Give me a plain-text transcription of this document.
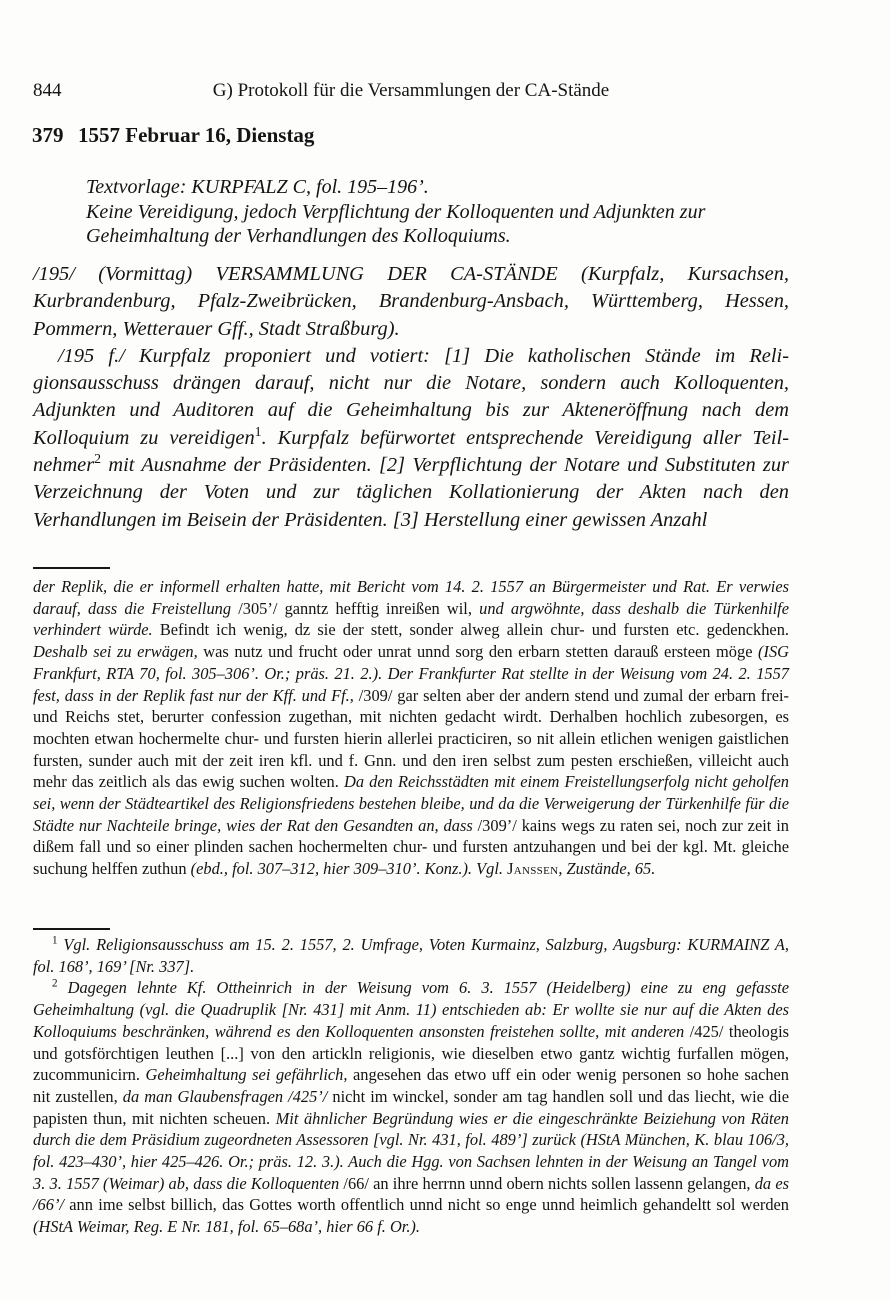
844	G) Protokoll für die Versammlungen der CA-Stände
379 1557 Februar 16, Dienstag

Textvorlage: KURPFALZ C, fol. 195–196’.

Keine Vereidigung, jedoch Verpflichtung der Kolloquenten und Adjunkten zur Geheimhaltung der Verhandlungen des Kolloquiums.

/195/ (Vormittag) VERSAMMLUNG DER CA-STÄNDE (Kurpfalz, Kursachsen, Kurbrandenburg, Pfalz-Zweibrücken, Brandenburg-Ansbach, Württemberg, Hessen, Pommern, Wetterauer Gff., Stadt Straßburg).

/195 f./ Kurpfalz proponiert und votiert: [1] Die katholischen Stände im Religionsausschuss drängen darauf, nicht nur die Notare, sondern auch Kolloquenten, Adjunkten und Auditoren auf die Geheimhaltung bis zur Akteneröffnung nach dem Kolloquium zu vereidigen$^1$. Kurpfalz befürwortet entsprechende Vereidigung aller Teilnehmer$^2$ mit Ausnahme der Präsidenten. [2] Verpflichtung der Notare und Substituten zur Verzeichnung der Voten und zur täglichen Kollationierung der Akten nach den Verhandlungen im Beisein der Präsidenten. [3] Herstellung einer gewissen Anzahl

der Replik, die er informell erhalten hatte, mit Bericht vom 14. 2. 1557 an Bürgermeister und Rat. Er verwies darauf, dass die Freistellung /305’/ ganntz hefftig inreißen wil, und argwöhnte, dass deshalb die Türkenhilfe verhindert würde. Befindt ich wenig, dz sie der stett, sonder alweg allein chur- und fursten etc. gedenckhen. Deshalb sei zu erwägen, was nutz und frucht oder unrat unnd sorg den erbarn stetten darauß ersteen möge (ISG Frankfurt, RTA 70, fol. 305–306’. Or.; präs. 21. 2.). Der Frankfurter Rat stellte in der Weisung vom 24. 2. 1557 fest, dass in der Replik fast nur der Kff. und Ff., /309/ gar selten aber der andern stend und zumal der erbarn frei- und Reichs stet, berurter confession zugethan, mit nichten gedacht wirdt. Derhalben hochlich zubesorgen, es mochten etwan hochermelte chur- und fursten hierin allerlei practiciren, so nit allein etlichen wenigen gaistlichen fursten, sunder auch mit der zeit iren kfl. und f. Gnn. und den iren selbst zum pesten erschießen, villeicht auch mehr das zeitlich als das ewig suchen wolten. Da den Reichsstädten mit einem Freistellungserfolg nicht geholfen sei, wenn der Städteartikel des Religionsfriedens bestehen bleibe, und da die Verweigerung der Türkenhilfe für die Städte nur Nachteile bringe, wies der Rat den Gesandten an, dass /309’/ kains wegs zu raten sei, noch zur zeit in dißem fall und so einer plinden sachen hochermelten chur- und fursten antzuhangen und bei der kgl. Mt. gleiche suchung helffen zuthun (ebd., fol. 307–312, hier 309–310’. Konz.). Vgl. Janssen, Zustände, 65.

$^1$ Vgl. Religionsausschuss am 15. 2. 1557, 2. Umfrage, Voten Kurmainz, Salzburg, Augsburg: KURMAINZ A, fol. 168’, 169’ [Nr. 337].

$^2$ Dagegen lehnte Kf. Ottheinrich in der Weisung vom 6. 3. 1557 (Heidelberg) eine zu eng gefasste Geheimhaltung (vgl. die Quadruplik [Nr. 431] mit Anm. 11) entschieden ab: Er wollte sie nur auf die Akten des Kolloquiums beschränken, während es den Kolloquenten ansonsten freistehen sollte, mit anderen /425/ theologis und gotsförchtigen leuthen [...] von den artickln religionis, wie dieselben etwo gantz wichtig furfallen mögen, zucommunicirn. Geheimhaltung sei gefährlich, angesehen das etwo uff ein oder wenig personen so hohe sachen nit zustellen, da man Glaubensfragen /425’/ nicht im winckel, sonder am tag handlen soll und das liecht, wie die papisten thun, mit nichten scheuen. Mit ähnlicher Begründung wies er die eingeschränkte Beiziehung von Räten durch die dem Präsidium zugeordneten Assessoren [vgl. Nr. 431, fol. 489’] zurück (HStA München, K. blau 106/3, fol. 423–430’, hier 425–426. Or.; präs. 12. 3.). Auch die Hgg. von Sachsen lehnten in der Weisung an Tangel vom 3. 3. 1557 (Weimar) ab, dass die Kolloquenten /66/ an ihre herrnn unnd obern nichts sollen lassenn gelangen, da es /66’/ ann ime selbst billich, das Gottes worth offentlich unnd nicht so enge unnd heimlich gehandeltt sol werden (HStA Weimar, Reg. E Nr. 181, fol. 65–68a’, hier 66 f. Or.).
